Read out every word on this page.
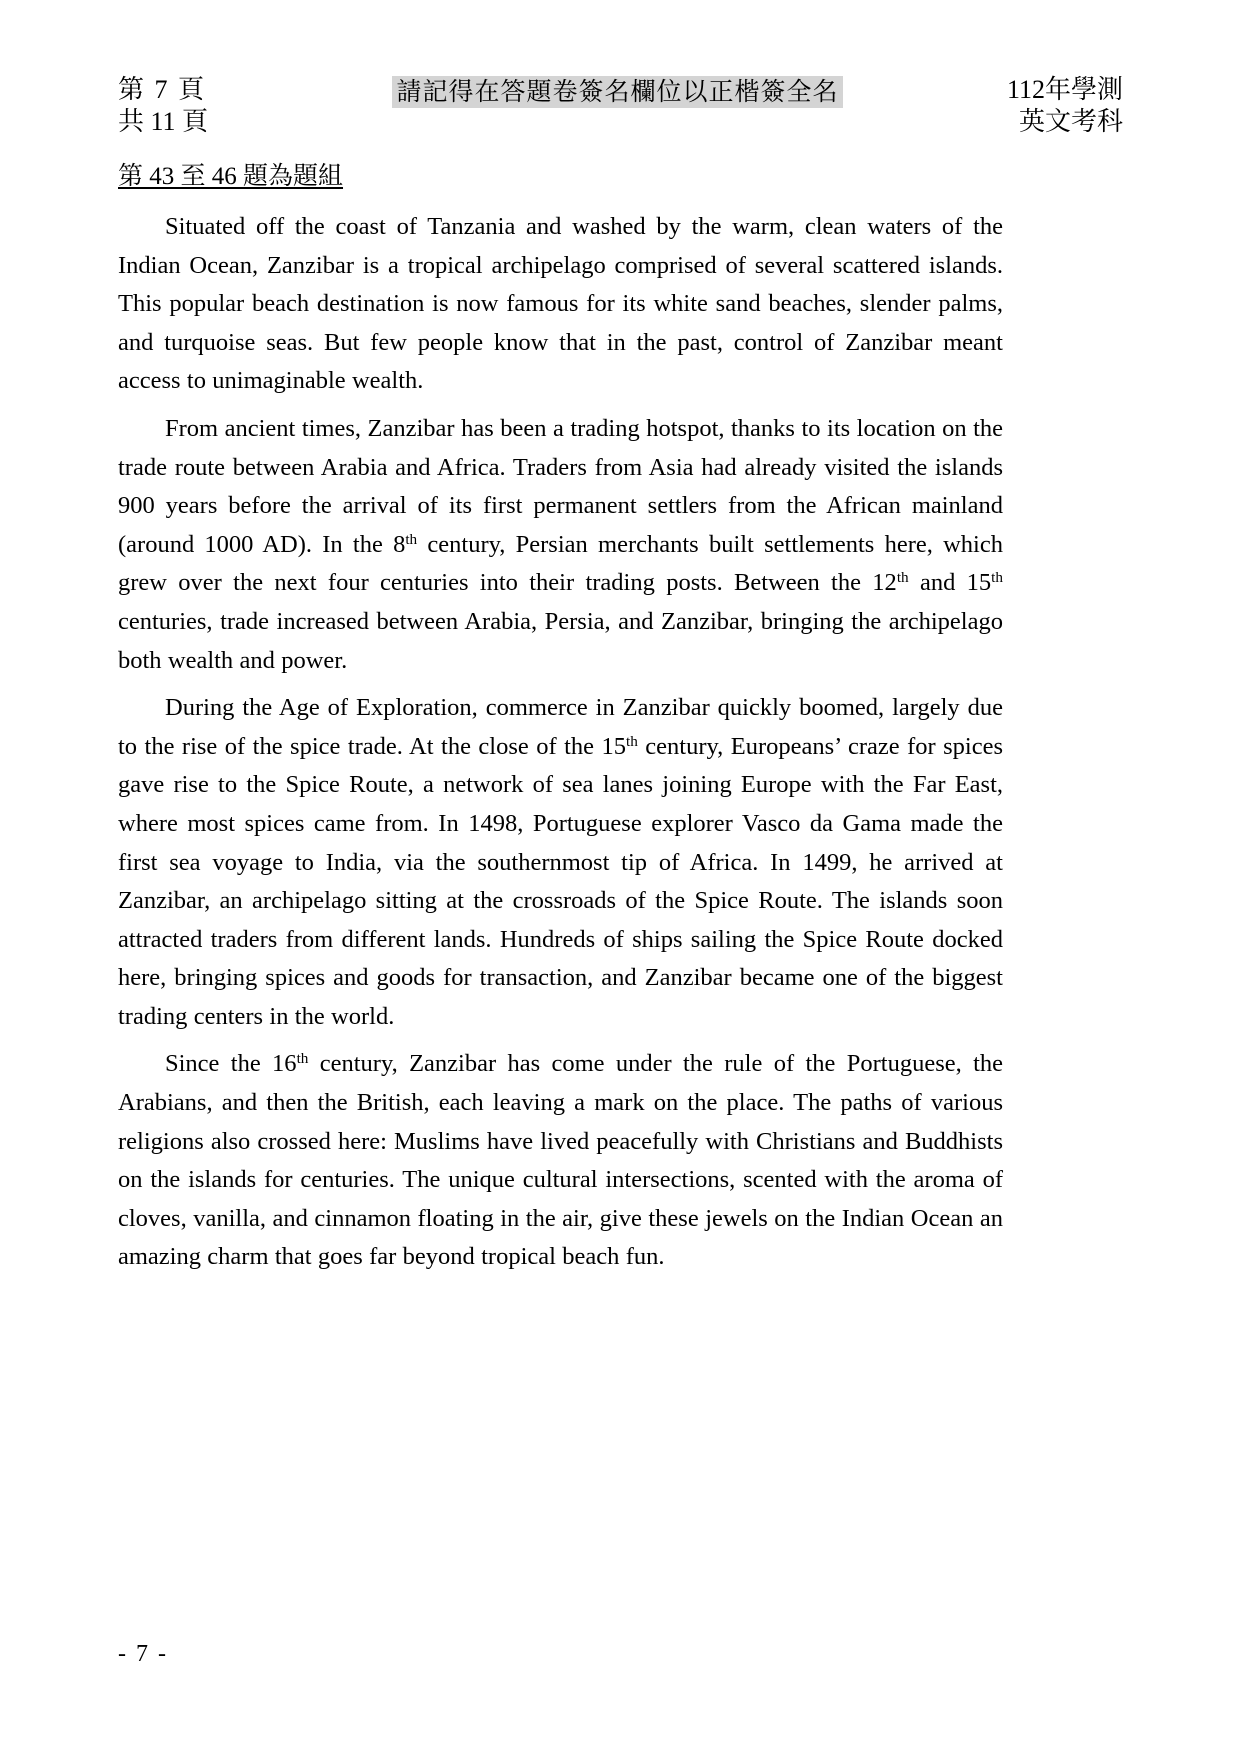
第 7 頁
共 11 頁
請記得在答題卷簽名欄位以正楷簽全名	112年學測
英文考科
第 43 至 46 題為題組

Situated off the coast of Tanzania and washed by the warm, clean waters of the Indian Ocean, Zanzibar is a tropical archipelago comprised of several scattered islands. This popular beach destination is now famous for its white sand beaches, slender palms, and turquoise seas. But few people know that in the past, control of Zanzibar meant access to unimaginable wealth.

From ancient times, Zanzibar has been a trading hotspot, thanks to its location on the trade route between Arabia and Africa. Traders from Asia had already visited the islands 900 years before the arrival of its first permanent settlers from the African mainland (around 1000 AD). In the 8th century, Persian merchants built settlements here, which grew over the next four centuries into their trading posts. Between the 12th and 15th centuries, trade increased between Arabia, Persia, and Zanzibar, bringing the archipelago both wealth and power.

During the Age of Exploration, commerce in Zanzibar quickly boomed, largely due to the rise of the spice trade. At the close of the 15th century, Europeans’ craze for spices gave rise to the Spice Route, a network of sea lanes joining Europe with the Far East, where most spices came from. In 1498, Portuguese explorer Vasco da Gama made the first sea voyage to India, via the southernmost tip of Africa. In 1499, he arrived at Zanzibar, an archipelago sitting at the crossroads of the Spice Route. The islands soon attracted traders from different lands. Hundreds of ships sailing the Spice Route docked here, bringing spices and goods for transaction, and Zanzibar became one of the biggest trading centers in the world.

Since the 16th century, Zanzibar has come under the rule of the Portuguese, the Arabians, and then the British, each leaving a mark on the place. The paths of various religions also crossed here: Muslims have lived peacefully with Christians and Buddhists on the islands for centuries. The unique cultural intersections, scented with the aroma of cloves, vanilla, and cinnamon floating in the air, give these jewels on the Indian Ocean an amazing charm that goes far beyond tropical beach fun.

- 7 -
